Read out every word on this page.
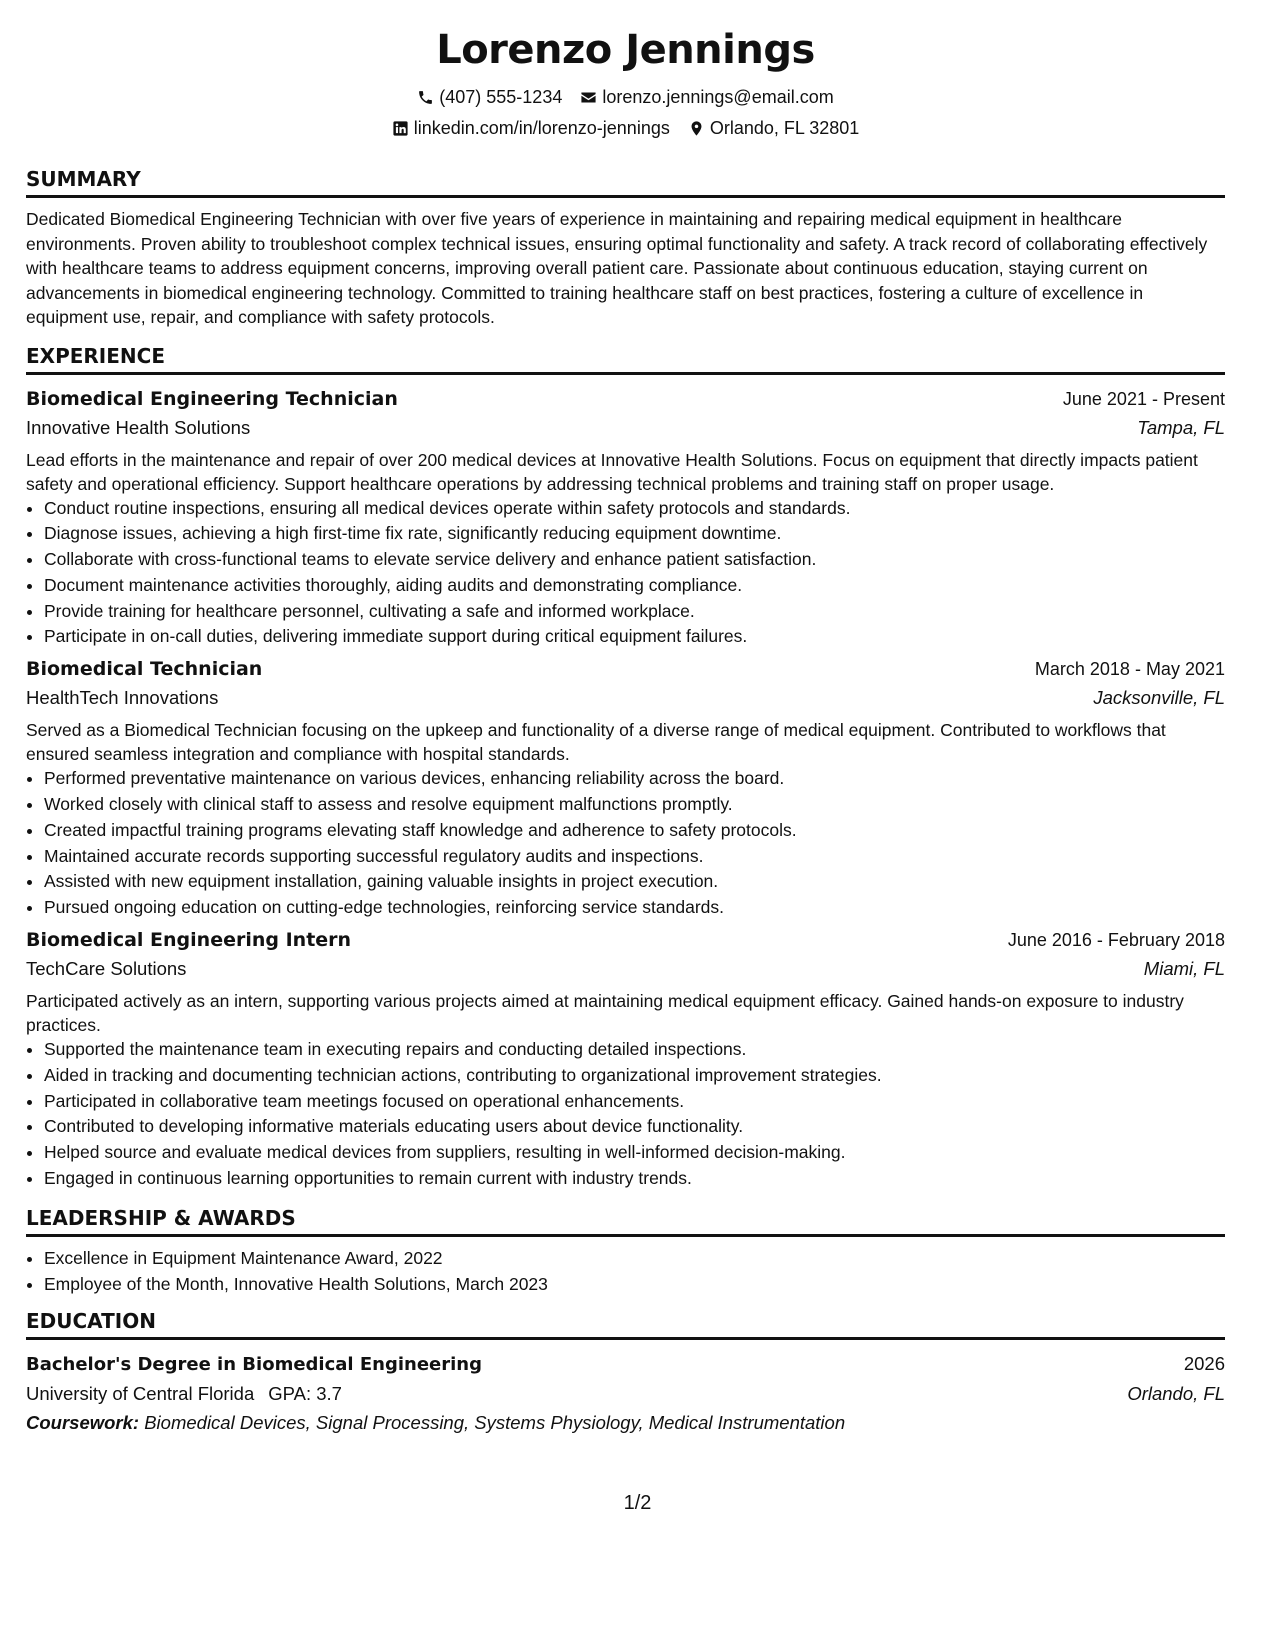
Lorenzo Jennings
(407) 555-1234 lorenzo.jennings@email.com
linkedin.com/in/lorenzo-jennings Orlando, FL 32801
SUMMARY

Dedicated Biomedical Engineering Technician with over five years of experience in maintaining and repairing medical equipment in healthcare environments. Proven ability to troubleshoot complex technical issues, ensuring optimal functionality and safety. A track record of collaborating effectively with healthcare teams to address equipment concerns, improving overall patient care. Passionate about continuous education, staying current on advancements in biomedical engineering technology. Committed to training healthcare staff on best practices, fostering a culture of excellence in equipment use, repair, and compliance with safety protocols.

EXPERIENCE
Biomedical Engineering Technician	June 2021 - Present
Innovative Health Solutions	Tampa, FL

Lead efforts in the maintenance and repair of over 200 medical devices at Innovative Health Solutions. Focus on equipment that directly impacts patient safety and operational efficiency. Support healthcare operations by addressing technical problems and training staff on proper usage.

• Conduct routine inspections, ensuring all medical devices operate within safety protocols and standards.
• Diagnose issues, achieving a high first-time fix rate, significantly reducing equipment downtime.
• Collaborate with cross-functional teams to elevate service delivery and enhance patient satisfaction.
• Document maintenance activities thoroughly, aiding audits and demonstrating compliance.
• Provide training for healthcare personnel, cultivating a safe and informed workplace.
• Participate in on-call duties, delivering immediate support during critical equipment failures.
Biomedical Technician	March 2018 - May 2021
HealthTech Innovations	Jacksonville, FL

Served as a Biomedical Technician focusing on the upkeep and functionality of a diverse range of medical equipment. Contributed to workflows that ensured seamless integration and compliance with hospital standards.

• Performed preventative maintenance on various devices, enhancing reliability across the board.
• Worked closely with clinical staff to assess and resolve equipment malfunctions promptly.
• Created impactful training programs elevating staff knowledge and adherence to safety protocols.
• Maintained accurate records supporting successful regulatory audits and inspections.
• Assisted with new equipment installation, gaining valuable insights in project execution.
• Pursued ongoing education on cutting-edge technologies, reinforcing service standards.
Biomedical Engineering Intern	June 2016 - February 2018
TechCare Solutions	Miami, FL

Participated actively as an intern, supporting various projects aimed at maintaining medical equipment efficacy. Gained hands-on exposure to industry practices.

• Supported the maintenance team in executing repairs and conducting detailed inspections.
• Aided in tracking and documenting technician actions, contributing to organizational improvement strategies.
• Participated in collaborative team meetings focused on operational enhancements.
• Contributed to developing informative materials educating users about device functionality.
• Helped source and evaluate medical devices from suppliers, resulting in well-informed decision-making.
• Engaged in continuous learning opportunities to remain current with industry trends.
LEADERSHIP & AWARDS
• Excellence in Equipment Maintenance Award, 2022
• Employee of the Month, Innovative Health Solutions, March 2023
EDUCATION
Bachelor's Degree in Biomedical Engineering	2026
University of Central Florida GPA: 3.7	Orlando, FL
Coursework: Biomedical Devices, Signal Processing, Systems Physiology, Medical Instrumentation
1/2
